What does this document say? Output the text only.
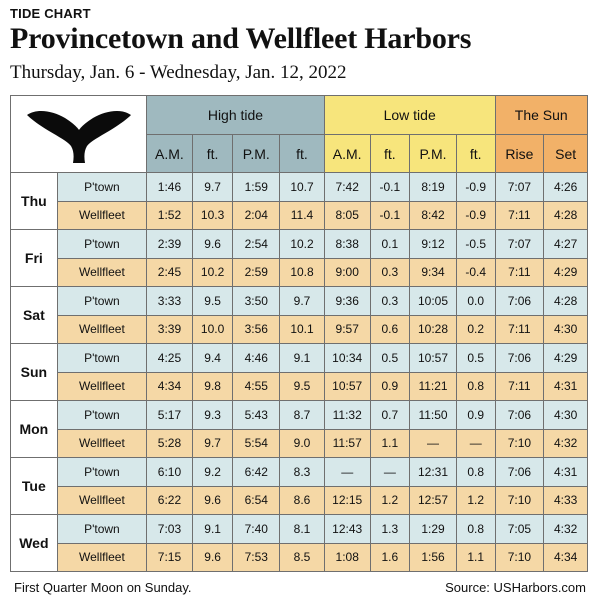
TIDE CHART
Provincetown and Wellfleet Harbors
Thursday, Jan. 6 - Wednesday, Jan. 12, 2022
	High tide				Low tide				The Sun	
		A.M.	ft.	P.M.	ft.	A.M.	ft.	P.M.	ft.	Rise	Set
Thu	P'town	1:46	9.7	1:59	10.7	7:42	-0.1	8:19	-0.9	7:07	4:26
	Wellfleet	1:52	10.3	2:04	11.4	8:05	-0.1	8:42	-0.9	7:11	4:28
Fri	P'town	2:39	9.6	2:54	10.2	8:38	0.1	9:12	-0.5	7:07	4:27
	Wellfleet	2:45	10.2	2:59	10.8	9:00	0.3	9:34	-0.4	7:11	4:29
Sat	P'town	3:33	9.5	3:50	9.7	9:36	0.3	10:05	0.0	7:06	4:28
	Wellfleet	3:39	10.0	3:56	10.1	9:57	0.6	10:28	0.2	7:11	4:30
Sun	P'town	4:25	9.4	4:46	9.1	10:34	0.5	10:57	0.5	7:06	4:29
	Wellfleet	4:34	9.8	4:55	9.5	10:57	0.9	11:21	0.8	7:11	4:31
Mon	P'town	5:17	9.3	5:43	8.7	11:32	0.7	11:50	0.9	7:06	4:30
	Wellfleet	5:28	9.7	5:54	9.0	11:57	1.1	—	—	7:10	4:32
Tue	P'town	6:10	9.2	6:42	8.3	—	—	12:31	0.8	7:06	4:31
	Wellfleet	6:22	9.6	6:54	8.6	12:15	1.2	12:57	1.2	7:10	4:33
Wed	P'town	7:03	9.1	7:40	8.1	12:43	1.3	1:29	0.8	7:05	4:32
	Wellfleet	7:15	9.6	7:53	8.5	1:08	1.6	1:56	1.1	7:10	4:34
First Quarter Moon on Sunday.	Source: USHarbors.com
